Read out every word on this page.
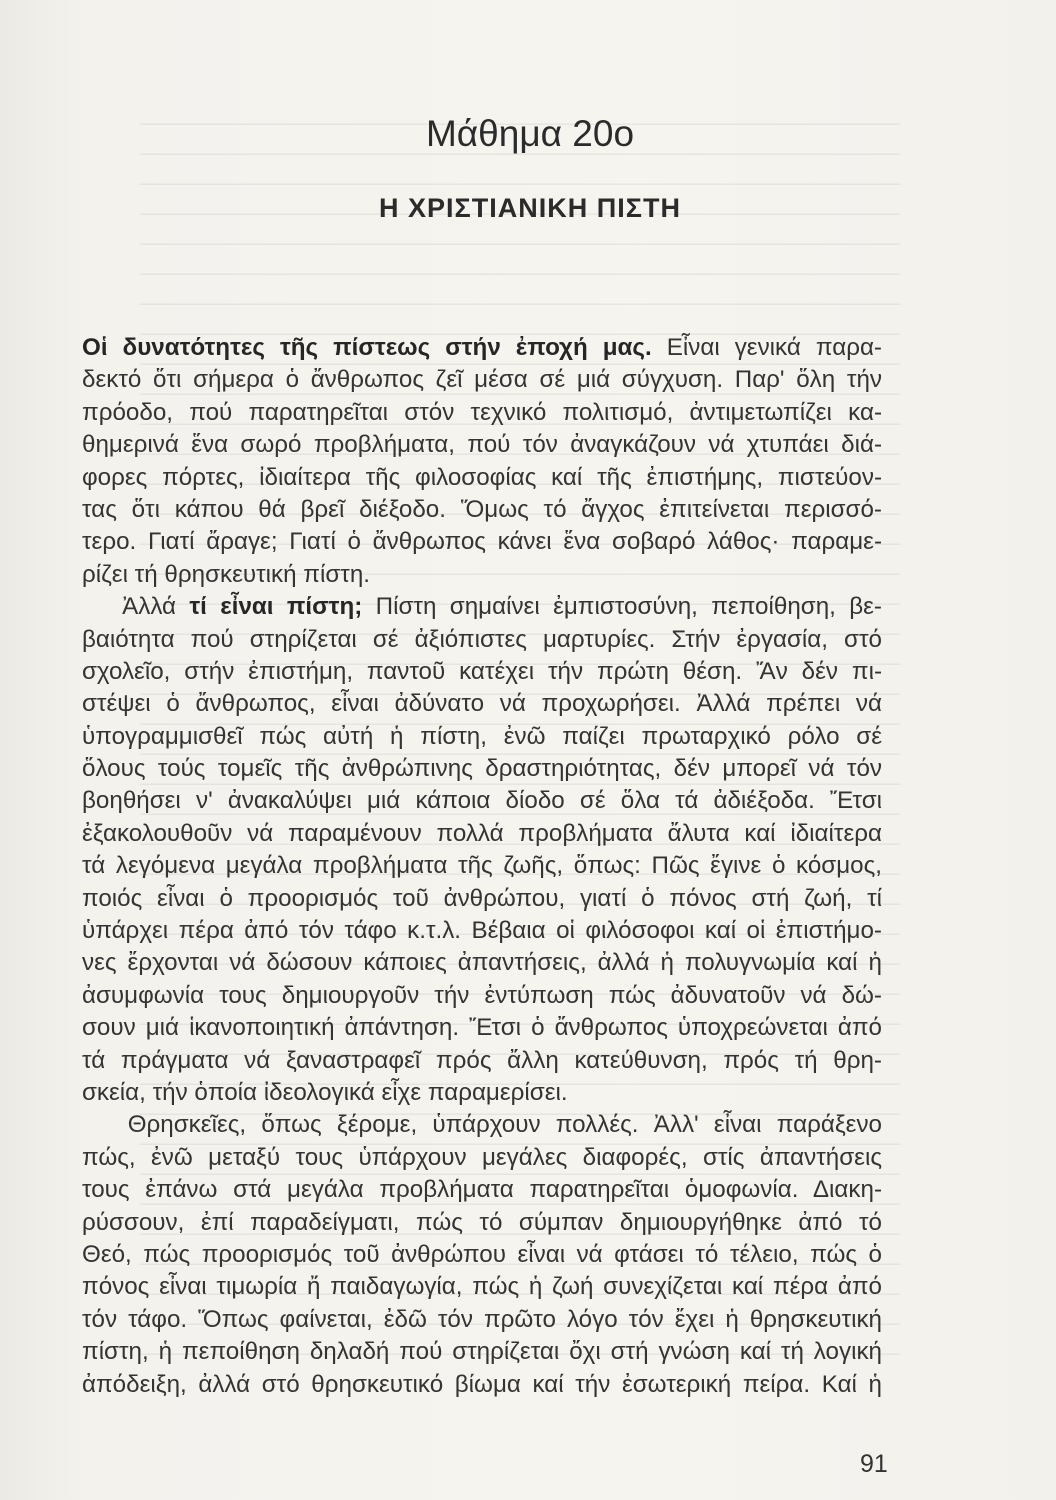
Μάθημα 20ο
Η ΧΡΙΣΤΙΑΝΙΚΗ ΠΙΣΤΗ
Οἱ δυνατότητες τῆς πίστεως στήν ἐποχή μας. Εἶναι γενικά παρα-
δεκτό ὅτι σήμερα ὁ ἄνθρωπος ζεῖ μέσα σέ μιά σύγχυση. Παρ' ὅλη τήν
πρόοδο, πού παρατηρεῖται στόν τεχνικό πολιτισμό, ἀντιμετωπίζει κα-
θημερινά ἕνα σωρό προβλήματα, πού τόν ἀναγκάζουν νά χτυπάει διά-
φορες πόρτες, ἰδιαίτερα τῆς φιλοσοφίας καί τῆς ἐπιστήμης, πιστεύον-
τας ὅτι κάπου θά βρεῖ διέξοδο. Ὅμως τό ἄγχος ἐπιτείνεται περισσό-
τερο. Γιατί ἄραγε; Γιατί ὁ ἄνθρωπος κάνει ἕνα σοβαρό λάθος· παραμε-
ρίζει τή θρησκευτική πίστη.
Ἀλλά τί εἶναι πίστη; Πίστη σημαίνει ἐμπιστοσύνη, πεποίθηση, βε-
βαιότητα πού στηρίζεται σέ ἀξιόπιστες μαρτυρίες. Στήν ἐργασία, στό
σχολεῖο, στήν ἐπιστήμη, παντοῦ κατέχει τήν πρώτη θέση. Ἄν δέν πι-
στέψει ὁ ἄνθρωπος, εἶναι ἀδύνατο νά προχωρήσει. Ἀλλά πρέπει νά
ὑπογραμμισθεῖ πώς αὐτή ἡ πίστη, ἐνῶ παίζει πρωταρχικό ρόλο σέ
ὅλους τούς τομεῖς τῆς ἀνθρώπινης δραστηριότητας, δέν μπορεῖ νά τόν
βοηθήσει ν' ἀνακαλύψει μιά κάποια δίοδο σέ ὅλα τά ἀδιέξοδα. Ἔτσι
ἐξακολουθοῦν νά παραμένουν πολλά προβλήματα ἄλυτα καί ἰδιαίτερα
τά λεγόμενα μεγάλα προβλήματα τῆς ζωῆς, ὅπως: Πῶς ἔγινε ὁ κόσμος,
ποιός εἶναι ὁ προορισμός τοῦ ἀνθρώπου, γιατί ὁ πόνος στή ζωή, τί
ὑπάρχει πέρα ἀπό τόν τάφο κ.τ.λ. Βέβαια οἱ φιλόσοφοι καί οἱ ἐπιστήμο-
νες ἔρχονται νά δώσουν κάποιες ἀπαντήσεις, ἀλλά ἡ πολυγνωμία καί ἡ
ἀσυμφωνία τους δημιουργοῦν τήν ἐντύπωση πώς ἀδυνατοῦν νά δώ-
σουν μιά ἱκανοποιητική ἀπάντηση. Ἔτσι ὁ ἄνθρωπος ὑποχρεώνεται ἀπό
τά πράγματα νά ξαναστραφεῖ πρός ἄλλη κατεύθυνση, πρός τή θρη-
σκεία, τήν ὁποία ἰδεολογικά εἶχε παραμερίσει.
Θρησκεῖες, ὅπως ξέρομε, ὑπάρχουν πολλές. Ἀλλ' εἶναι παράξενο
πώς, ἐνῶ μεταξύ τους ὑπάρχουν μεγάλες διαφορές, στίς ἀπαντήσεις
τους ἐπάνω στά μεγάλα προβλήματα παρατηρεῖται ὁμοφωνία. Διακη-
ρύσσουν, ἐπί παραδείγματι, πώς τό σύμπαν δημιουργήθηκε ἀπό τό
Θεό, πώς προορισμός τοῦ ἀνθρώπου εἶναι νά φτάσει τό τέλειο, πώς ὁ
πόνος εἶναι τιμωρία ἤ παιδαγωγία, πώς ἡ ζωή συνεχίζεται καί πέρα ἀπό
τόν τάφο. Ὅπως φαίνεται, ἐδῶ τόν πρῶτο λόγο τόν ἔχει ἡ θρησκευτική
πίστη, ἡ πεποίθηση δηλαδή πού στηρίζεται ὄχι στή γνώση καί τή λογική
ἀπόδειξη, ἀλλά στό θρησκευτικό βίωμα καί τήν ἐσωτερική πείρα. Καί ἡ
91
